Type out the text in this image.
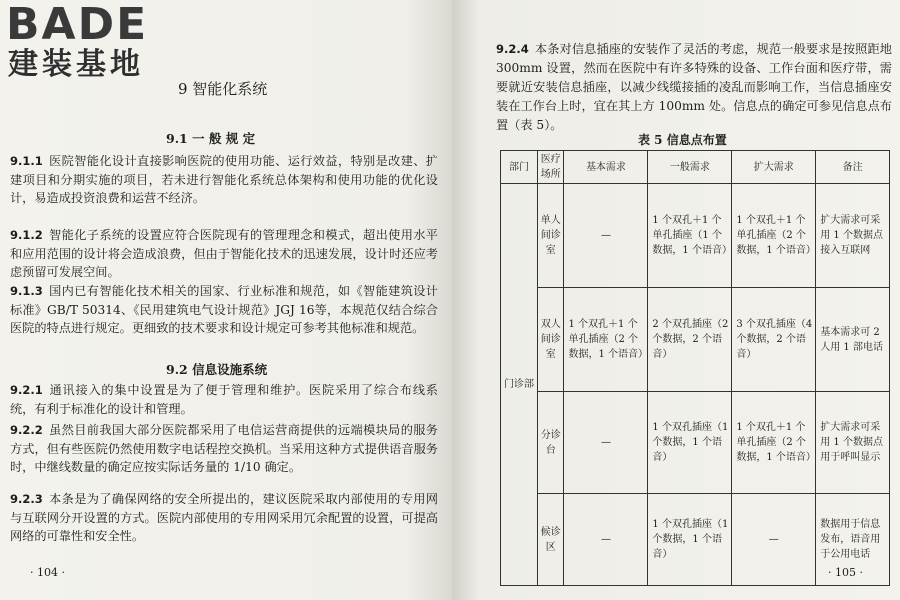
BADE
建装基地
9 智能化系统
9.1 一 般 规 定

9.1.1 医院智能化设计直接影响医院的使用功能、运行效益，特别是改建、扩建项目和分期实施的项目，若未进行智能化系统总体架构和使用功能的优化设计，易造成投资浪费和运营不经济。

9.1.2 智能化子系统的设置应符合医院现有的管理理念和模式，超出使用水平和应用范围的设计将会造成浪费，但由于智能化技术的迅速发展，设计时还应考虑预留可发展空间。

9.1.3 国内已有智能化技术相关的国家、行业标准和规范，如《智能建筑设计标准》GB/T 50314、《民用建筑电气设计规范》JGJ 16等，本规范仅结合综合医院的特点进行规定。更细致的技术要求和设计规定可参考其他标准和规范。

9.2 信息设施系统

9.2.1 通讯接入的集中设置是为了便于管理和维护。医院采用了综合布线系统，有利于标准化的设计和管理。

9.2.2 虽然目前我国大部分医院都采用了电信运营商提供的远端模块局的服务方式，但有些医院仍然使用数字电话程控交换机。当采用这种方式提供语音服务时，中继线数量的确定应按实际话务量的 1/10 确定。

9.2.3 本条是为了确保网络的安全所提出的，建议医院采取内部使用的专用网与互联网分开设置的方式。医院内部使用的专用网采用冗余配置的设置，可提高网络的可靠性和安全性。

· 104 ·

9.2.4 本条对信息插座的安装作了灵活的考虑，规范一般要求是按照距地 300mm 设置，然而在医院中有许多特殊的设备、工作台面和医疗带，需要就近安装信息插座，以减少线缆接插的凌乱而影响工作，当信息插座安装在工作台上时，宜在其上方 100mm 处。信息点的确定可参见信息点布置（表 5）。

表 5 信息点布置
部门	医疗场所	基本需求	一般需求	扩大需求	备注
门诊部	单人间诊室	—	1 个双孔＋1 个单孔插座（1 个数据，1 个语音）	1 个双孔＋1 个单孔插座（2 个数据，1 个语音）	扩大需求可采用 1 个数据点接入互联网
	双人间诊室	1 个双孔＋1 个单孔插座（2 个数据，1 个语音）	2 个双孔插座（2 个数据，2 个语音）	3 个双孔插座（4 个数据，2 个语音）	基本需求可 2 人用 1 部电话
	分诊台	—	1 个双孔插座（1 个数据，1 个语音）	1 个双孔＋1 个单孔插座（2 个数据，1 个语音）	扩大需求可采用 1 个数据点用于呼叫显示
	候诊区	—	1 个双孔插座（1 个数据，1 个语音）	—	数据用于信息发布，语音用于公用电话
· 105 ·
